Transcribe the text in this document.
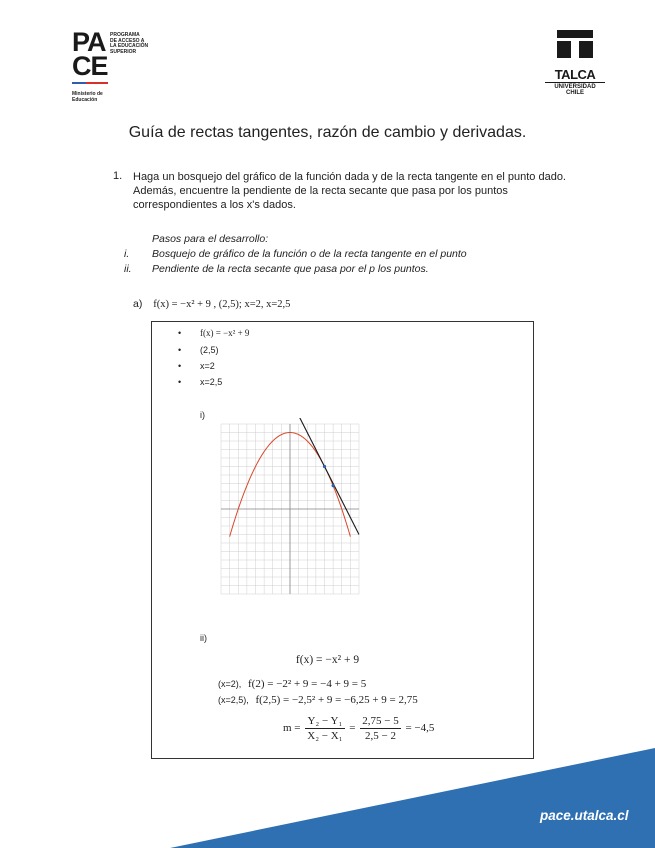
PA
CE
PROGRAMA
DE ACCESO A
LA EDUCACIÓN
SUPERIOR
Ministerio de
Educación
TALCA
UNIVERSIDAD
CHILE
Guía de rectas tangentes, razón de cambio y derivadas.
1. Haga un bosquejo del gráfico de la función dada y de la recta tangente en el punto dado.
Además, encuentre la pendiente de la recta secante que pasa por los puntos
correspondientes a los x's dados.
Pasos para el desarrollo:
i. Bosquejo de gráfico de la función o de la recta tangente en el punto
ii. Pendiente de la recta secante que pasa por el p los puntos.
a) f(x) = −x² + 9 , (2,5); x=2, x=2,5
• f(x) = −x² + 9
• (2,5)
• x=2
• x=2,5
i)
ii)
f(x) = −x² + 9
(x=2), f(2) = −2² + 9 = −4 + 9 = 5
(x=2,5), f(2,5) = −2,5² + 9 = −6,25 + 9 = 2,75
$m = \frac{\text{Y₂ − Y₁}}{\text{X₂ − X₁}} = \frac{2,75 - 5}{2,5 - 2} = -4,5$
pace.utalca.cl
